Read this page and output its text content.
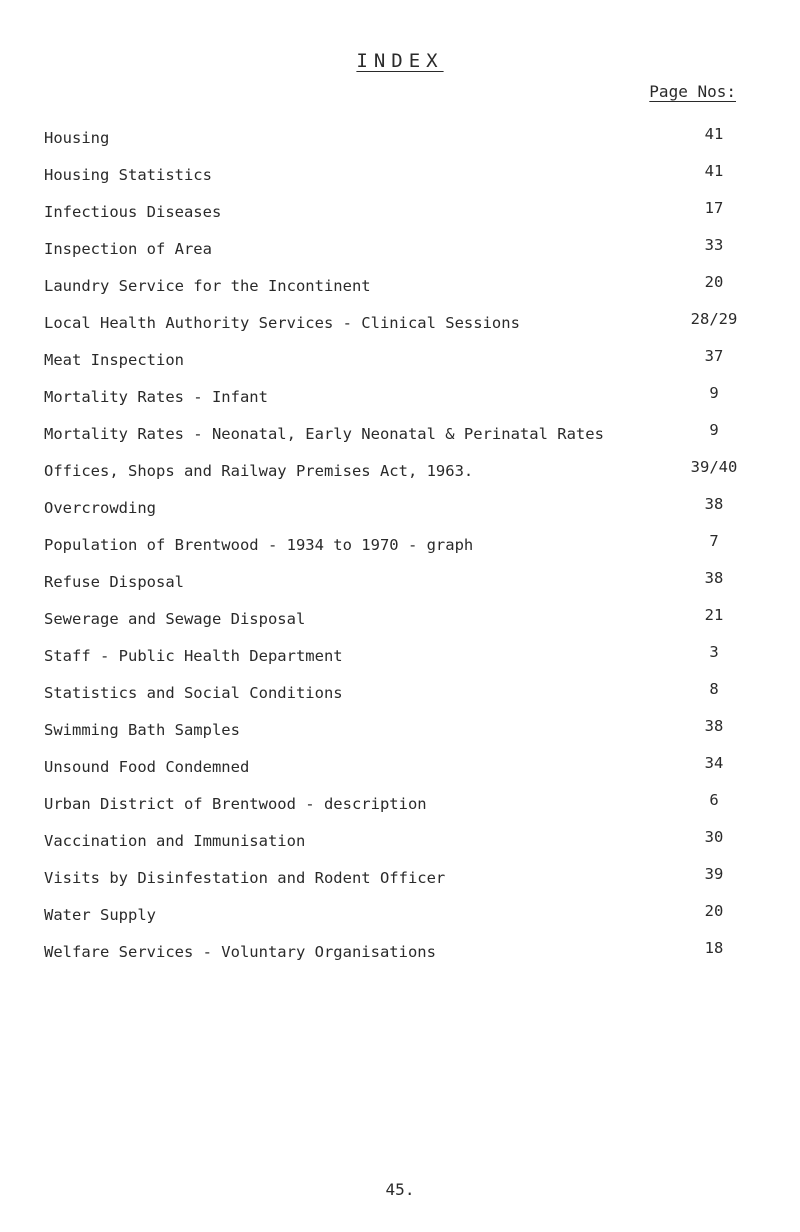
INDEX
Page Nos:
Housing	41
Housing Statistics	41
Infectious Diseases	17
Inspection of Area	33
Laundry Service for the Incontinent	20
Local Health Authority Services - Clinical Sessions	28/29
Meat Inspection	37
Mortality Rates - Infant	9
Mortality Rates - Neonatal, Early Neonatal & Perinatal Rates	9
Offices, Shops and Railway Premises Act, 1963.	39/40
Overcrowding	38
Population of Brentwood - 1934 to 1970 - graph	7
Refuse Disposal	38
Sewerage and Sewage Disposal	21
Staff - Public Health Department	3
Statistics and Social Conditions	8
Swimming Bath Samples	38
Unsound Food Condemned	34
Urban District of Brentwood - description	6
Vaccination and Immunisation	30
Visits by Disinfestation and Rodent Officer	39
Water Supply	20
Welfare Services - Voluntary Organisations	18
45.
